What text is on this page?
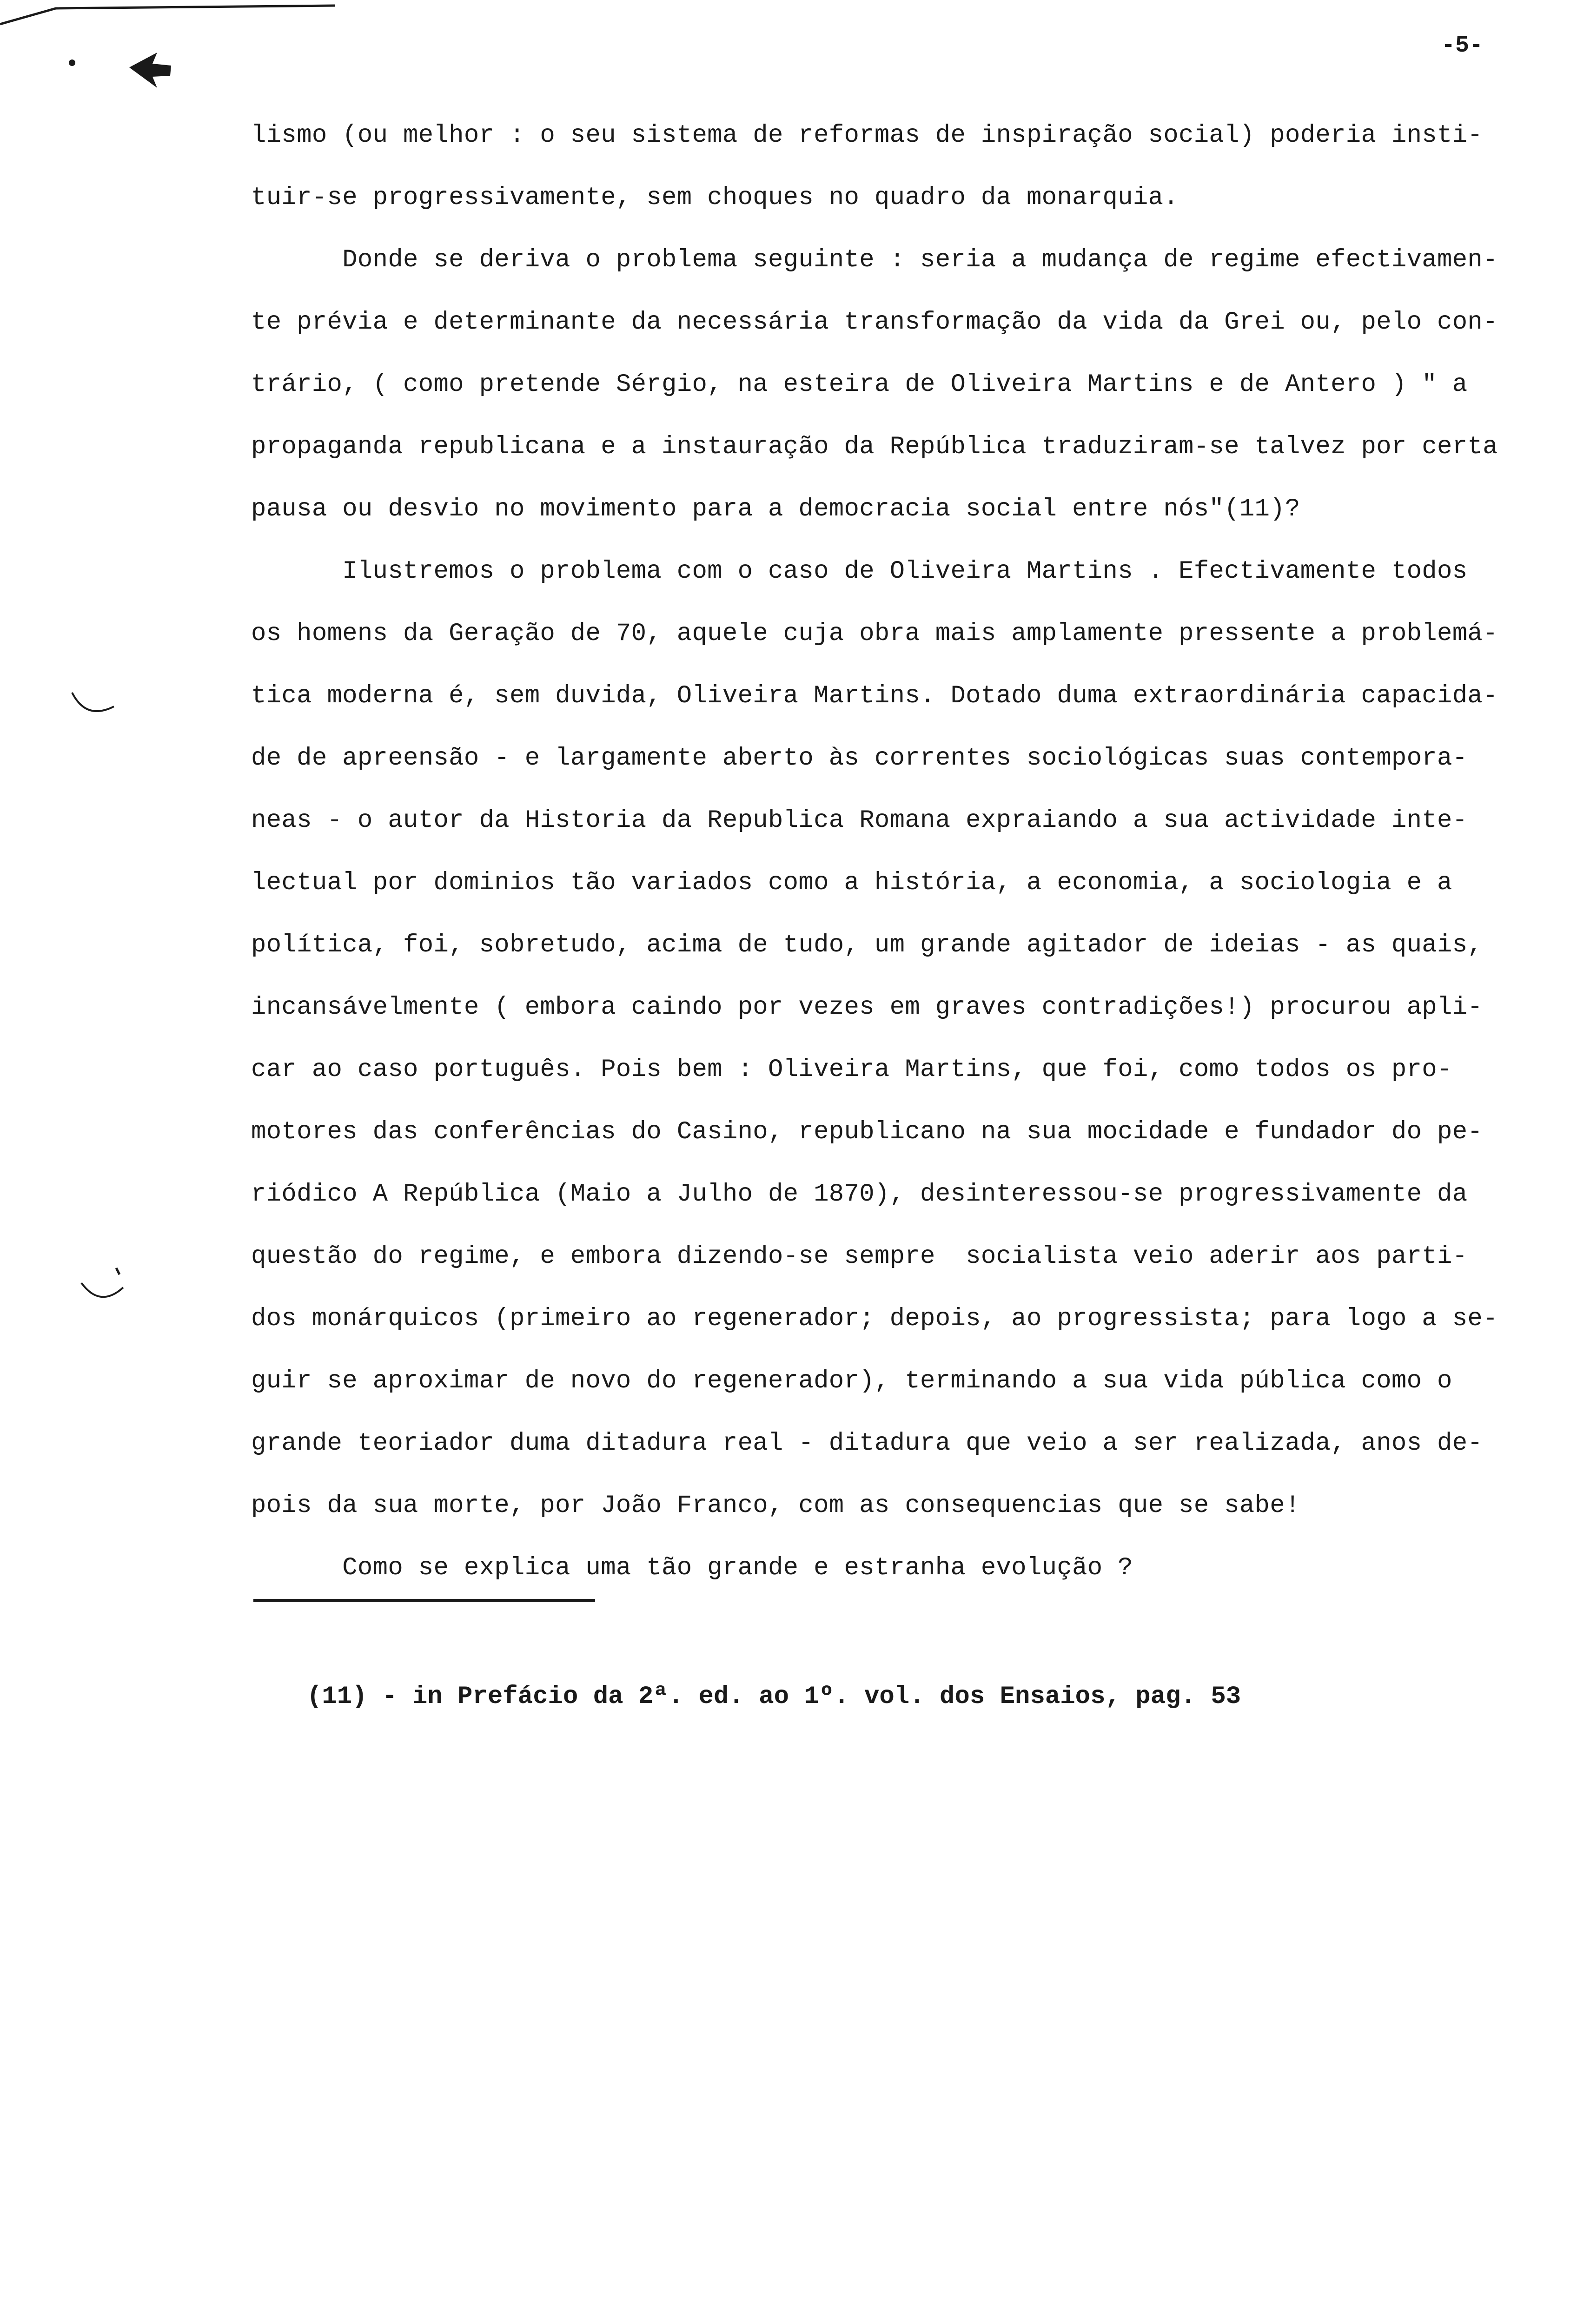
-5-
lismo (ou melhor : o seu sistema de reformas de inspiração social) poderia insti-
tuir-se progressivamente, sem choques no quadro da monarquia.
Donde se deriva o problema seguinte : seria a mudança de regime efectivamen-
te prévia e determinante da necessária transformação da vida da Grei ou, pelo con-
trário, ( como pretende Sérgio, na esteira de Oliveira Martins e de Antero ) " a
propaganda republicana e a instauração da República traduziram-se talvez por certa
pausa ou desvio no movimento para a democracia social entre nós"(11)?
Ilustremos o problema com o caso de Oliveira Martins . Efectivamente todos
os homens da Geração de 70, aquele cuja obra mais amplamente pressente a problemá-
tica moderna é, sem duvida, Oliveira Martins. Dotado duma extraordinária capacida-
de de apreensão - e largamente aberto às correntes sociológicas suas contempora-
neas - o autor da Historia da Republica Romana expraiando a sua actividade inte-
lectual por dominios tão variados como a história, a economia, a sociologia e a
política, foi, sobretudo, acima de tudo, um grande agitador de ideias - as quais,
incansávelmente ( embora caindo por vezes em graves contradições!) procurou apli-
car ao caso português. Pois bem : Oliveira Martins, que foi, como todos os pro-
motores das conferências do Casino, republicano na sua mocidade e fundador do pe-
riódico A República (Maio a Julho de 1870), desinteressou-se progressivamente da
questão do regime, e embora dizendo-se sempre  socialista veio aderir aos parti-
dos monárquicos (primeiro ao regenerador; depois, ao progressista; para logo a se-
guir se aproximar de novo do regenerador), terminando a sua vida pública como o
grande teoriador duma ditadura real - ditadura que veio a ser realizada, anos de-
pois da sua morte, por João Franco, com as consequencias que se sabe!
Como se explica uma tão grande e estranha evolução ?
(11) - in Prefácio da 2ª. ed. ao 1º. vol. dos Ensaios, pag. 53
